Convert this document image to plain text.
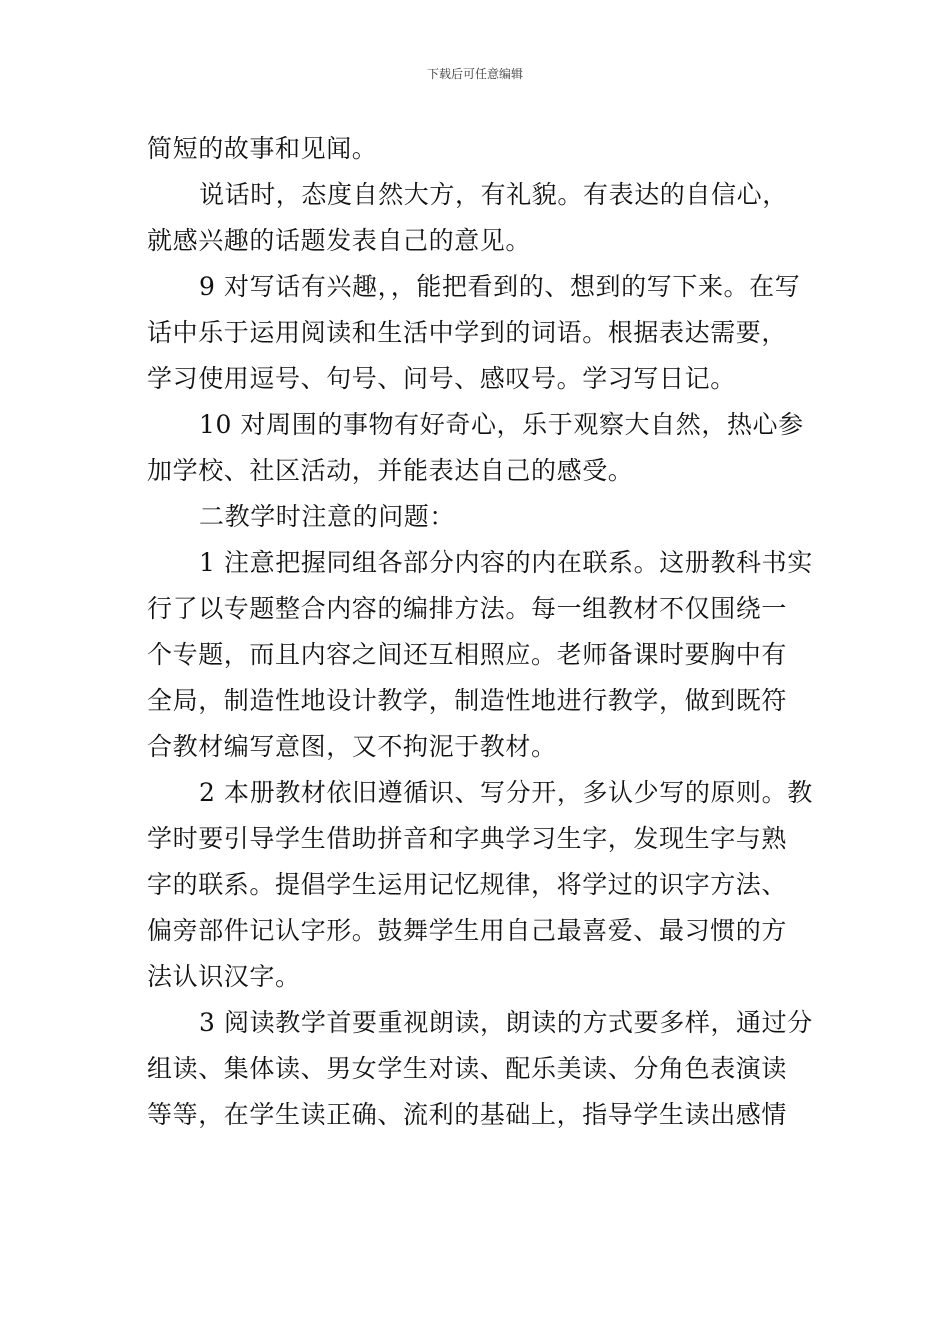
下载后可任意编辑
简短的故事和见闻。
说话时，态度自然大方，有礼貌。有表达的自信心，
就感兴趣的话题发表自己的意见。
9 对写话有兴趣，，能把看到的、想到的写下来。在写
话中乐于运用阅读和生活中学到的词语。根据表达需要，
学习使用逗号、句号、问号、感叹号。学习写日记。
10 对周围的事物有好奇心，乐于观察大自然，热心参
加学校、社区活动，并能表达自己的感受。
二教学时注意的问题：
1 注意把握同组各部分内容的内在联系。这册教科书实
行了以专题整合内容的编排方法。每一组教材不仅围绕一
个专题，而且内容之间还互相照应。老师备课时要胸中有
全局，制造性地设计教学，制造性地进行教学，做到既符
合教材编写意图，又不拘泥于教材。
2 本册教材依旧遵循识、写分开，多认少写的原则。教
学时要引导学生借助拼音和字典学习生字，发现生字与熟
字的联系。提倡学生运用记忆规律，将学过的识字方法、
偏旁部件记认字形。鼓舞学生用自己最喜爱、最习惯的方
法认识汉字。
3 阅读教学首要重视朗读，朗读的方式要多样，通过分
组读、集体读、男女学生对读、配乐美读、分角色表演读
等等，在学生读正确、流利的基础上，指导学生读出感情
